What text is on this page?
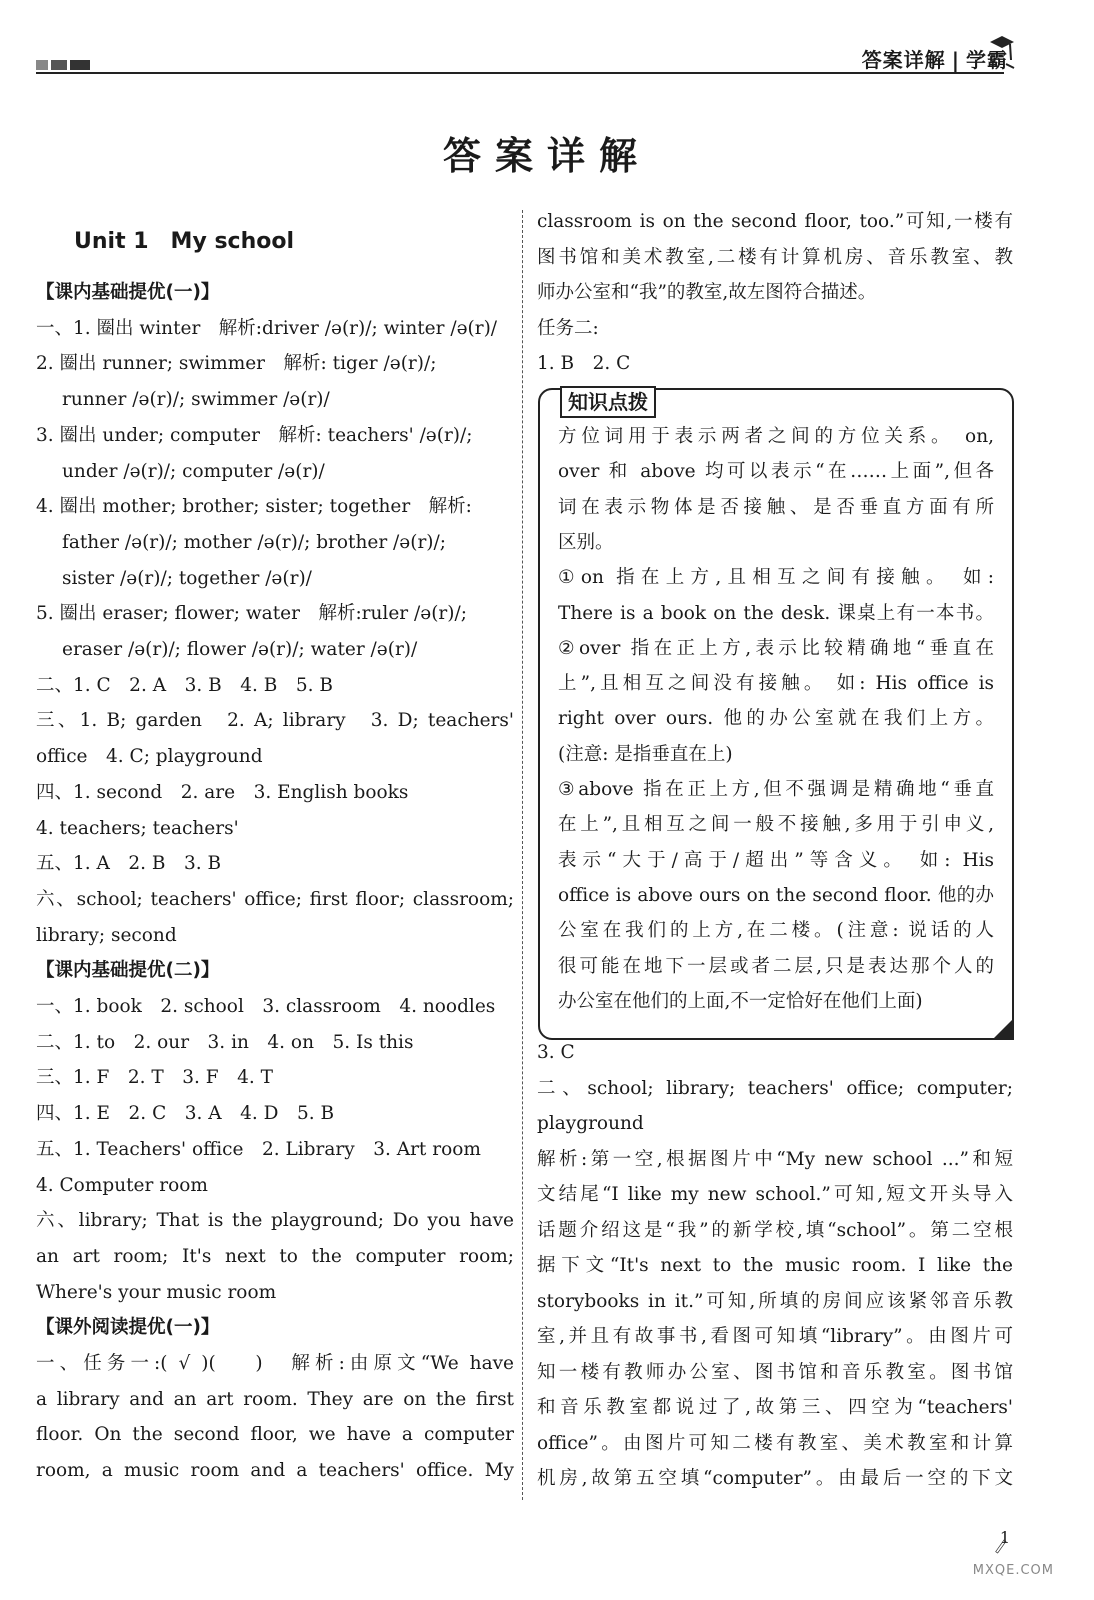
答案详解 | 学霸
答案详解
Unit 1　My school
【课内基础提优(一)】
一、1. 圈出 winter　解析:driver /ə(r)/; winter /ə(r)/
2. 圈出 runner; swimmer　解析: tiger /ə(r)/;
runner /ə(r)/; swimmer /ə(r)/
3. 圈出 under; computer　解析: teachers' /ə(r)/;
under /ə(r)/; computer /ə(r)/
4. 圈出 mother; brother; sister; together　解析:
father /ə(r)/; mother /ə(r)/; brother /ə(r)/;
sister /ə(r)/; together /ə(r)/
5. 圈出 eraser; flower; water　解析:ruler /ə(r)/;
eraser /ə(r)/; flower /ə(r)/; water /ə(r)/
二、1. C　2. A　3. B　4. B　5. B
三、1. B; garden　2. A; library　3. D; teachers'
office　4. C; playground
四、1. second　2. are　3. English books
4. teachers; teachers'
五、1. A　2. B　3. B
六、school; teachers' office; first floor; classroom;
library; second
【课内基础提优(二)】
一、1. book　2. school　3. classroom　4. noodles
二、1. to　2. our　3. in　4. on　5. Is this
三、1. F　2. T　3. F　4. T
四、1. E　2. C　3. A　4. D　5. B
五、1. Teachers' office　2. Library　3. Art room
4. Computer room
六、library; That is the playground; Do you have
an art room; It's next to the computer room;
Where's your music room
【课外阅读提优(一)】
一、任务一:( √ )(　 )　解析:由原文“We have
a library and an art room. They are on the first
floor. On the second floor, we have a computer
room, a music room and a teachers' office. My
classroom is on the second floor, too.”可知,一楼有
图书馆和美术教室,二楼有计算机房、音乐教室、教
师办公室和“我”的教室,故左图符合描述。
任务二:
1. B　2. C
知识点拨
方位词用于表示两者之间的方位关系。 on,
over 和 above 均可以表示“在……上面”,但各
词在表示物体是否接触、是否垂直方面有所
区别。
①on 指在上方,且相互之间有接触。 如:
There is a book on the desk. 课桌上有一本书。
②over 指在正上方,表示比较精确地“垂直在
上”,且相互之间没有接触。 如: His office is
right over ours. 他的办公室就在我们上方。
(注意: 是指垂直在上)
③above 指在正上方,但不强调是精确地“垂直
在上”,且相互之间一般不接触,多用于引申义,
表示“大于/高于/超出”等含义。 如: His
office is above ours on the second floor. 他的办
公室在我们的上方,在二楼。(注意: 说话的人
很可能在地下一层或者二层,只是表达那个人的
办公室在他们的上面,不一定恰好在他们上面)
3. C
二、school; library; teachers' office; computer;
playground
解析:第一空,根据图片中“My new school ...”和短
文结尾“I like my new school.”可知,短文开头导入
话题介绍这是“我”的新学校,填“school”。第二空根
据下文“It's next to the music room. I like the
storybooks in it.”可知,所填的房间应该紧邻音乐教
室,并且有故事书,看图可知填“library”。由图片可
知一楼有教师办公室、图书馆和音乐教室。图书馆
和音乐教室都说过了,故第三、四空为“teachers'
office”。由图片可知二楼有教室、美术教室和计算
机房,故第五空填“computer”。由最后一空的下文
1
MXQE.COM
